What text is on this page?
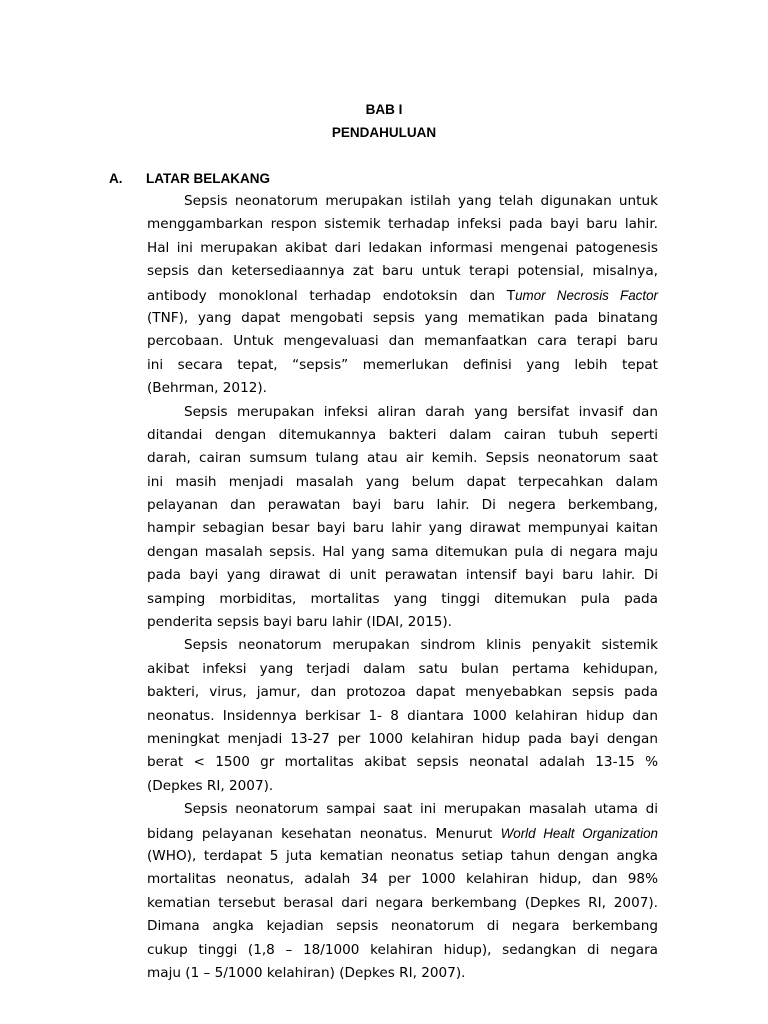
BAB I
PENDAHULUAN
A. LATAR BELAKANG
Sepsis neonatorum merupakan istilah yang telah digunakan untuk
menggambarkan respon sistemik terhadap infeksi pada bayi baru lahir.
Hal ini merupakan akibat dari ledakan informasi mengenai patogenesis
sepsis dan ketersediaannya zat baru untuk terapi potensial, misalnya,
antibody monoklonal terhadap endotoksin dan Tumor Necrosis Factor
(TNF), yang dapat mengobati sepsis yang mematikan pada binatang
percobaan. Untuk mengevaluasi dan memanfaatkan cara terapi baru
ini secara tepat, “sepsis” memerlukan definisi yang lebih tepat
(Behrman, 2012).
Sepsis merupakan infeksi aliran darah yang bersifat invasif dan
ditandai dengan ditemukannya bakteri dalam cairan tubuh seperti
darah, cairan sumsum tulang atau air kemih. Sepsis neonatorum saat
ini masih menjadi masalah yang belum dapat terpecahkan dalam
pelayanan dan perawatan bayi baru lahir. Di negera berkembang,
hampir sebagian besar bayi baru lahir yang dirawat mempunyai kaitan
dengan masalah sepsis. Hal yang sama ditemukan pula di negara maju
pada bayi yang dirawat di unit perawatan intensif bayi baru lahir. Di
samping morbiditas, mortalitas yang tinggi ditemukan pula pada
penderita sepsis bayi baru lahir (IDAI, 2015).
Sepsis neonatorum merupakan sindrom klinis penyakit sistemik
akibat infeksi yang terjadi dalam satu bulan pertama kehidupan,
bakteri, virus, jamur, dan protozoa dapat menyebabkan sepsis pada
neonatus. Insidennya berkisar 1- 8 diantara 1000 kelahiran hidup dan
meningkat menjadi 13-27 per 1000 kelahiran hidup pada bayi dengan
berat < 1500 gr mortalitas akibat sepsis neonatal adalah 13-15 %
(Depkes RI, 2007).
Sepsis neonatorum sampai saat ini merupakan masalah utama di
bidang pelayanan kesehatan neonatus. Menurut World Healt Organization
(WHO), terdapat 5 juta kematian neonatus setiap tahun dengan angka
mortalitas neonatus, adalah 34 per 1000 kelahiran hidup, dan 98%
kematian tersebut berasal dari negara berkembang (Depkes RI, 2007).
Dimana angka kejadian sepsis neonatorum di negara berkembang
cukup tinggi (1,8 – 18/1000 kelahiran hidup), sedangkan di negara
maju (1 – 5/1000 kelahiran) (Depkes RI, 2007).
